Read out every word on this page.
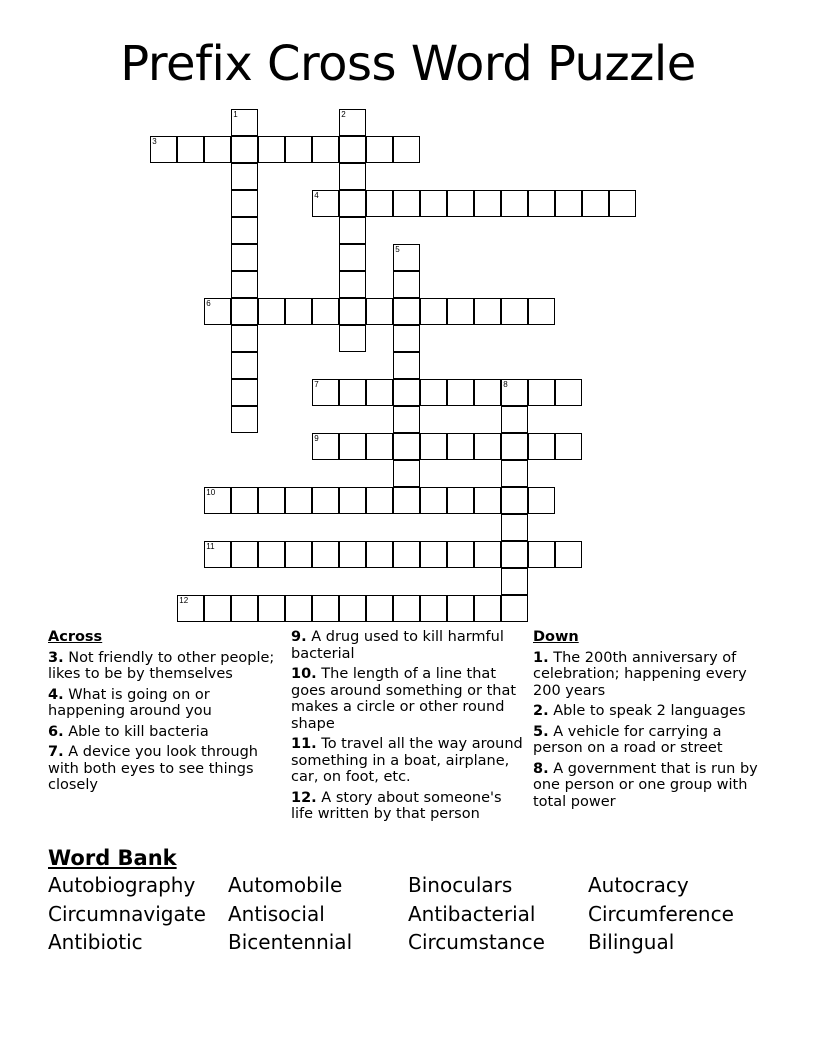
Prefix Cross Word Puzzle
1	2
3
4
5
6
7	8
9
10
11
12
Across
3. Not friendly to other people; likes to be by themselves
4. What is going on or happening around you
6. Able to kill bacteria
7. A device you look through with both eyes to see things closely
9. A drug used to kill harmful bacterial
10. The length of a line that goes around something or that makes a circle or other round shape
11. To travel all the way around something in a boat, airplane, car, on foot, etc.
12. A story about someone's life written by that person
Down
1. The 200th anniversary of celebration; happening every 200 years
2. Able to speak 2 languages
5. A vehicle for carrying a person on a road or street
8. A government that is run by one person or one group with total power
Word Bank
Autobiography	Automobile	Binoculars	Autocracy
Circumnavigate	Antisocial	Antibacterial	Circumference
Antibiotic	Bicentennial	Circumstance	Bilingual
